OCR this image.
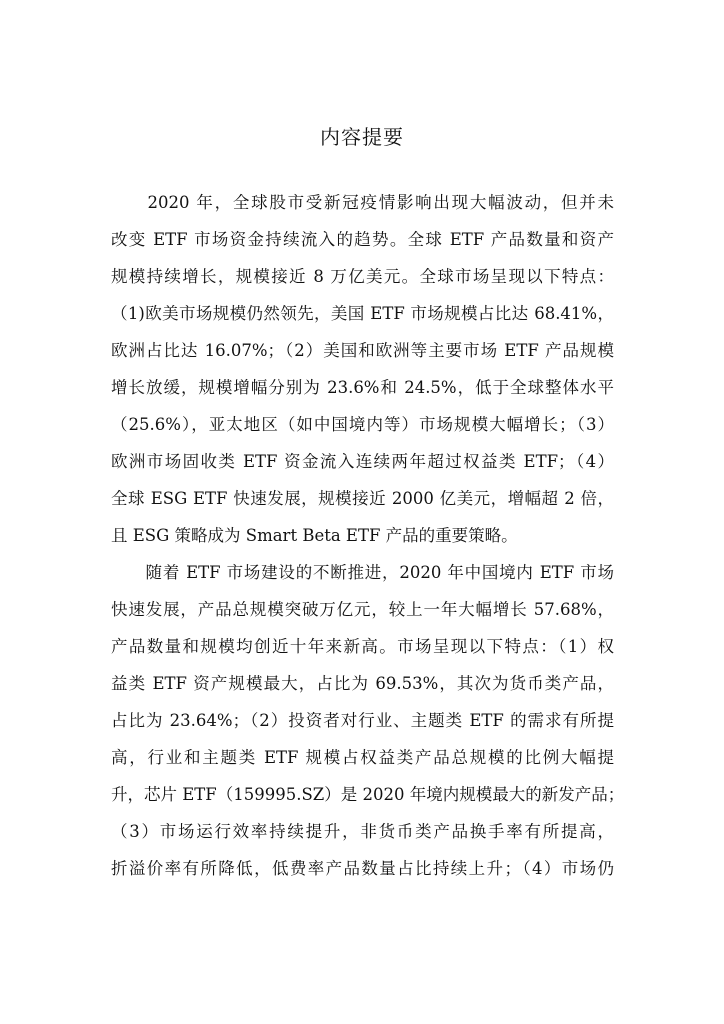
内容提要
　　2020 年，全球股市受新冠疫情影响出现大幅波动，但并未
改变 ETF 市场资金持续流入的趋势。全球 ETF 产品数量和资产
规模持续增长，规模接近 8 万亿美元。全球市场呈现以下特点：
（1)欧美市场规模仍然领先，美国 ETF 市场规模占比达 68.41%，
欧洲占比达 16.07%；（2）美国和欧洲等主要市场 ETF 产品规模
增长放缓，规模增幅分别为 23.6%和 24.5%，低于全球整体水平
（25.6%），亚太地区（如中国境内等）市场规模大幅增长；（3）
欧洲市场固收类 ETF 资金流入连续两年超过权益类 ETF；（4）
全球 ESG ETF 快速发展，规模接近 2000 亿美元，增幅超 2 倍，
且 ESG 策略成为 Smart Beta ETF 产品的重要策略。
　　随着 ETF 市场建设的不断推进，2020 年中国境内 ETF 市场
快速发展，产品总规模突破万亿元，较上一年大幅增长 57.68%，
产品数量和规模均创近十年来新高。市场呈现以下特点：（1）权
益类 ETF 资产规模最大，占比为 69.53%，其次为货币类产品，
占比为 23.64%；（2）投资者对行业、主题类 ETF 的需求有所提
高，行业和主题类 ETF 规模占权益类产品总规模的比例大幅提
升，芯片 ETF（159995.SZ）是 2020 年境内规模最大的新发产品；
（3）市场运行效率持续提升，非货币类产品换手率有所提高，
折溢价率有所降低，低费率产品数量占比持续上升；（4）市场仍
